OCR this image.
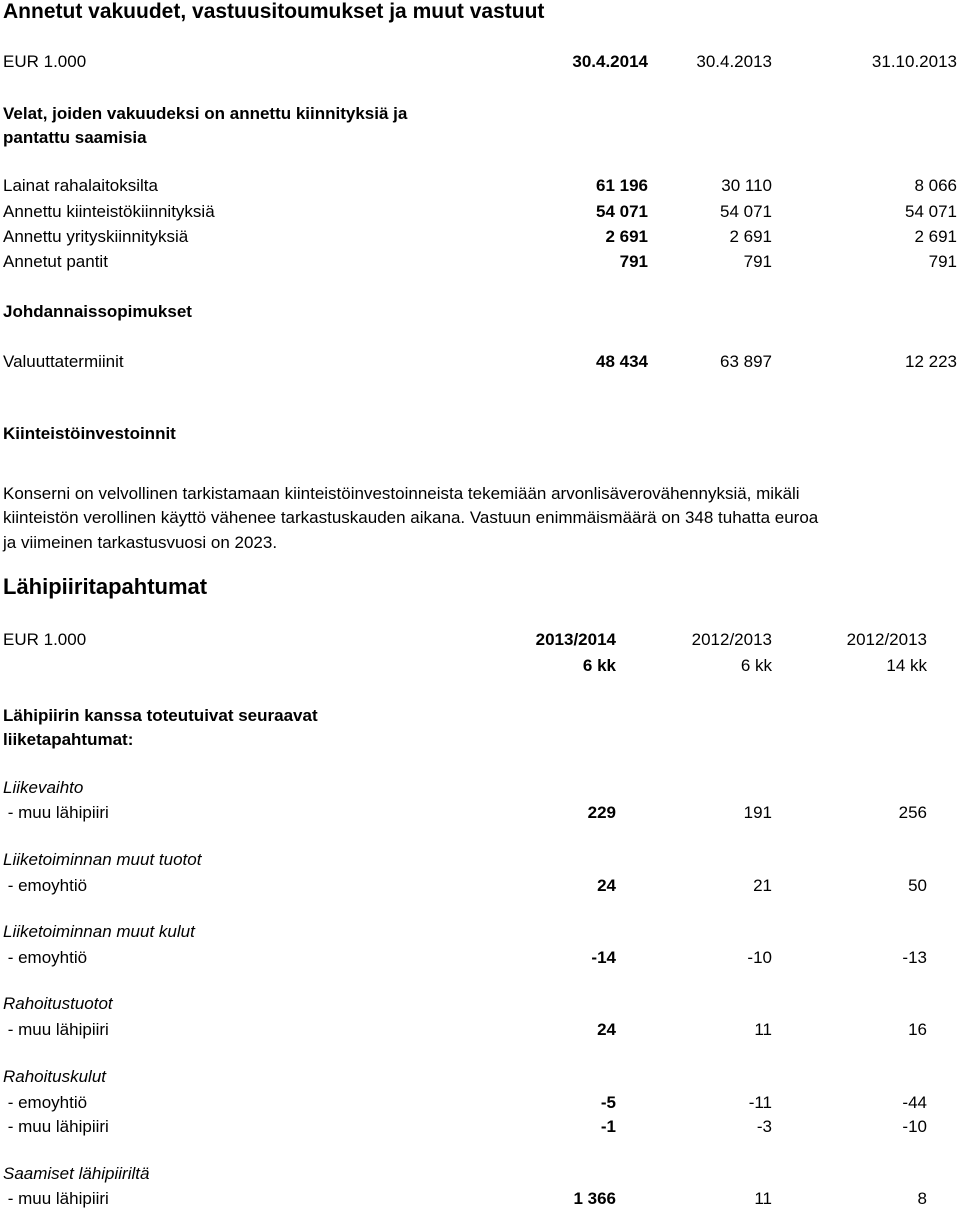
Annetut vakuudet, vastuusitoumukset ja muut vastuut
EUR 1.000	30.4.2014	30.4.2013	31.10.2013
Velat, joiden vakuudeksi on annettu kiinnityksiä ja
pantattu saamisia
Lainat rahalaitoksilta	61 196	30 110	8 066
Annettu kiinteistökiinnityksiä	54 071	54 071	54 071
Annettu yrityskiinnityksiä	2 691	2 691	2 691
Annetut pantit	791	791	791
Johdannaissopimukset
Valuuttatermiinit	48 434	63 897	12 223
Kiinteistöinvestoinnit
Konserni on velvollinen tarkistamaan kiinteistöinvestoinneista tekemiään arvonlisäverovähennyksiä, mikäli
kiinteistön verollinen käyttö vähenee tarkastuskauden aikana. Vastuun enimmäismäärä on 348 tuhatta euroa
ja viimeinen tarkastusvuosi on 2023.
Lähipiiritapahtumat
EUR 1.000	2013/2014	2012/2013	2012/2013
6 kk	6 kk	14 kk
Lähipiirin kanssa toteutuivat seuraavat
liiketapahtumat:
Liikevaihto
- muu lähipiiri	229	191	256
Liiketoiminnan muut tuotot
- emoyhtiö	24	21	50
Liiketoiminnan muut kulut
- emoyhtiö	-14	-10	-13
Rahoitustuotot
- muu lähipiiri	24	11	16
Rahoituskulut
- emoyhtiö	-5	-11	-44
- muu lähipiiri	-1	-3	-10
Saamiset lähipiiriltä
- muu lähipiiri	1 366	11	8
